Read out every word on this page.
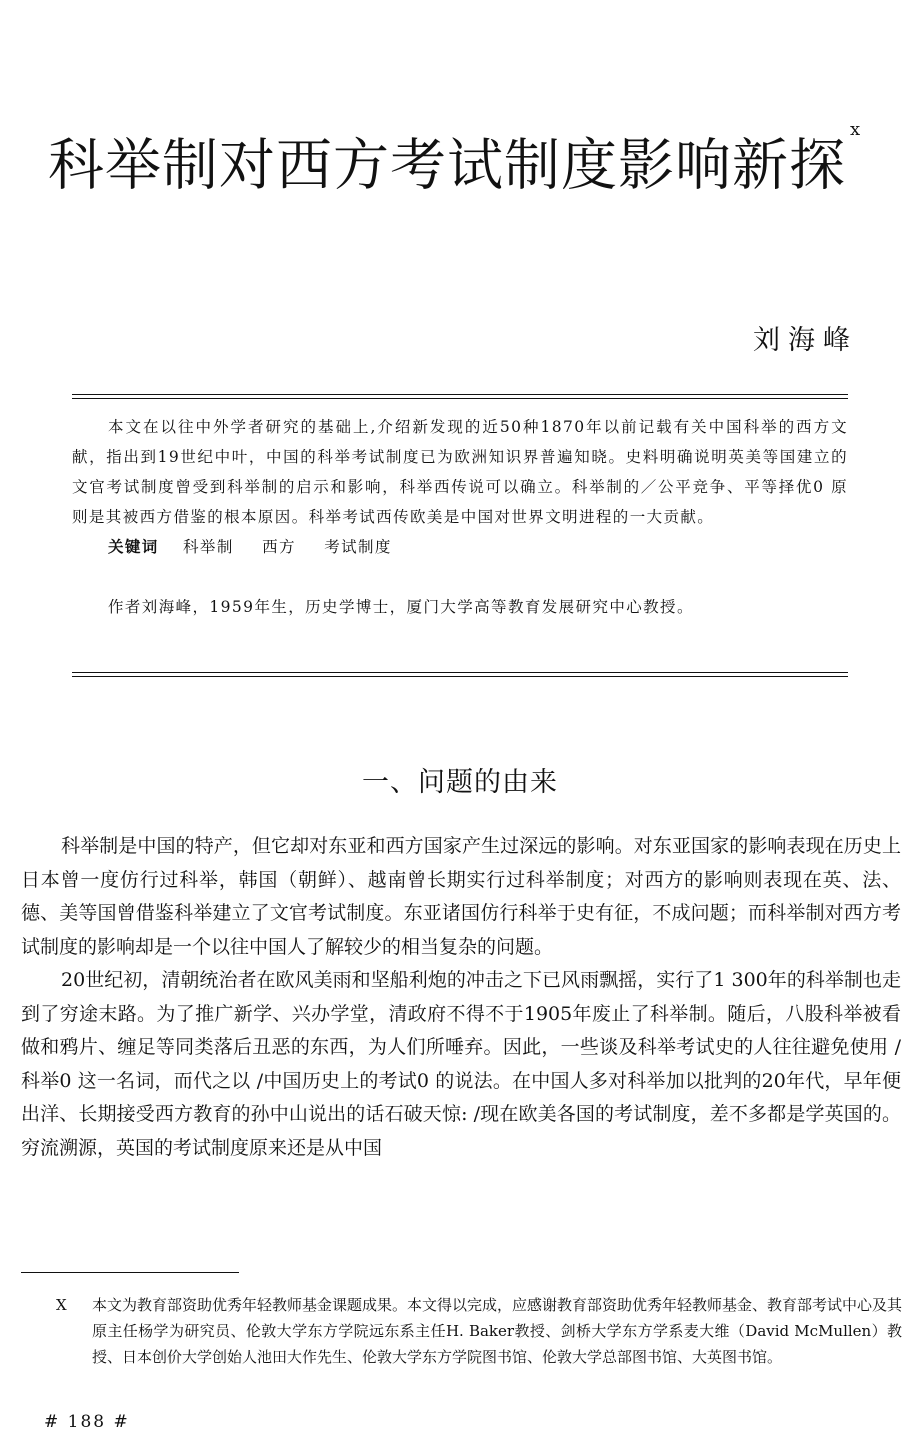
科举制对西方考试制度影响新探$^x$
刘海峰

本文在以往中外学者研究的基础上,介绍新发现的近50种1870年以前记载有关中国科举的西方文献，指出到19世纪中叶，中国的科举考试制度已为欧洲知识界普遍知晓。史料明确说明英美等国建立的文官考试制度曾受到科举制的启示和影响，科举西传说可以确立。科举制的／公平竞争、平等择优0 原则是其被西方借鉴的根本原因。科举考试西传欧美是中国对世界文明进程的一大贡献。

关键词 科举制 西方 考试制度
作者刘海峰，1959年生，历史学博士，厦门大学高等教育发展研究中心教授。
一、问题的由来

科举制是中国的特产，但它却对东亚和西方国家产生过深远的影响。对东亚国家的影响表现在历史上日本曾一度仿行过科举，韩国（朝鲜）、越南曾长期实行过科举制度；对西方的影响则表现在英、法、德、美等国曾借鉴科举建立了文官考试制度。东亚诸国仿行科举于史有征，不成问题；而科举制对西方考试制度的影响却是一个以往中国人了解较少的相当复杂的问题。

20世纪初，清朝统治者在欧风美雨和坚船利炮的冲击之下已风雨飘摇，实行了1 300年的科举制也走到了穷途末路。为了推广新学、兴办学堂，清政府不得不于1905年废止了科举制。随后，八股科举被看做和鸦片、缠足等同类落后丑恶的东西，为人们所唾弃。因此，一些谈及科举考试史的人往往避免使用 /科举0 这一名词，而代之以 /中国历史上的考试0 的说法。在中国人多对科举加以批判的20年代，早年便出洋、长期接受西方教育的孙中山说出的话石破天惊: /现在欧美各国的考试制度，差不多都是学英国的。穷流溯源，英国的考试制度原来还是从中国

X 本文为教育部资助优秀年轻教师基金课题成果。本文得以完成，应感谢教育部资助优秀年轻教师基金、教育部考试中心及其原主任杨学为研究员、伦敦大学东方学院远东系主任H. Baker教授、剑桥大学东方学系麦大维（David McMullen）教授、日本创价大学创始人池田大作先生、伦敦大学东方学院图书馆、伦敦大学总部图书馆、大英图书馆。
# 188 #
